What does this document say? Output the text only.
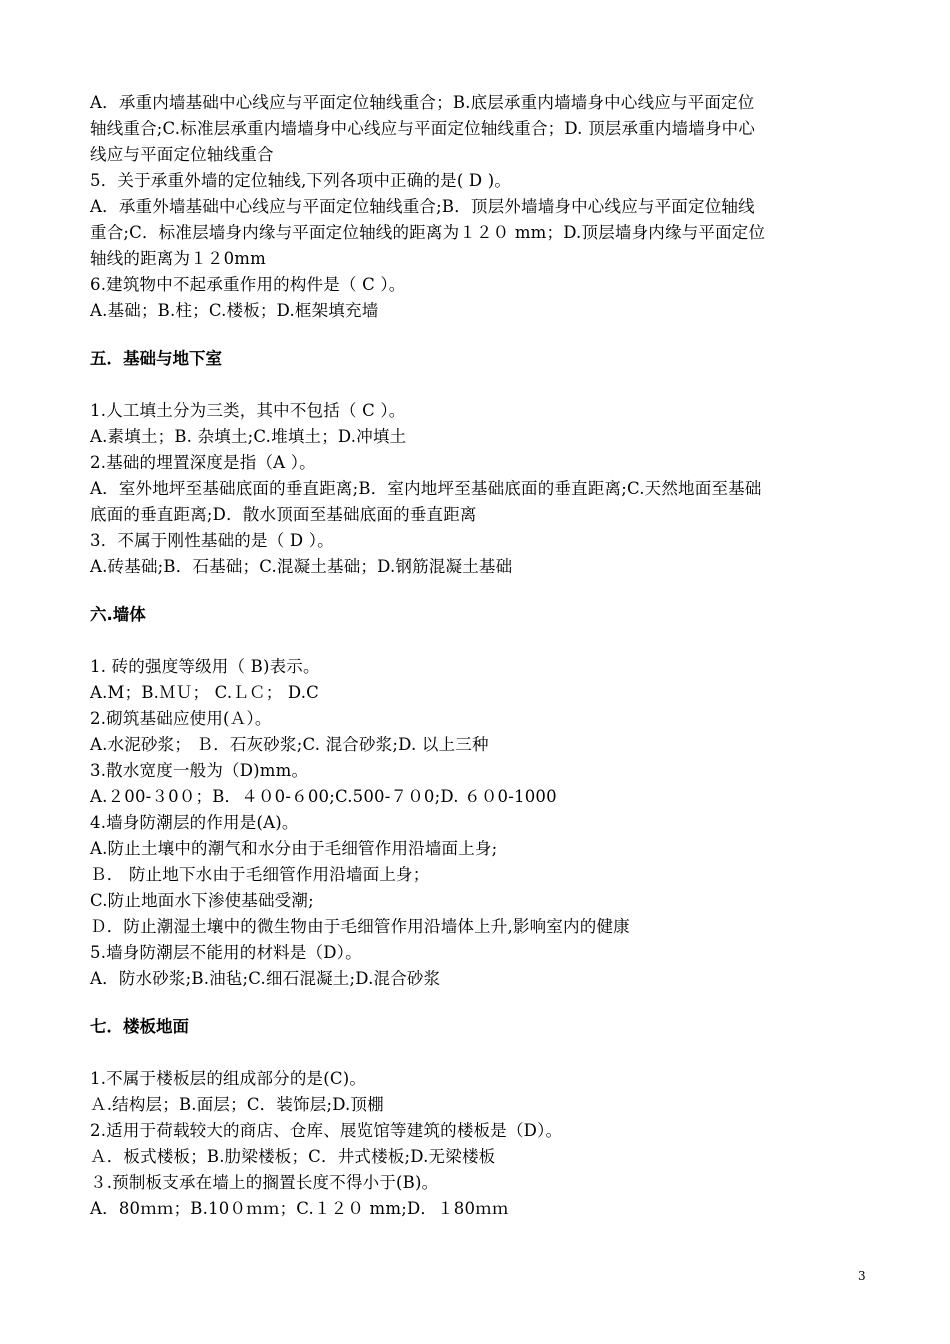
A．承重内墙基础中心线应与平面定位轴线重合；B.底层承重内墙墙身中心线应与平面定位
轴线重合;C.标准层承重内墙墙身中心线应与平面定位轴线重合；D. 顶层承重内墙墙身中心
线应与平面定位轴线重合
5．关于承重外墙的定位轴线,下列各项中正确的是( D )。
A．承重外墙基础中心线应与平面定位轴线重合;B．顶层外墙墙身中心线应与平面定位轴线
重合;C．标准层墙身内缘与平面定位轴线的距离为１２０ mm；D.顶层墙身内缘与平面定位
轴线的距离为１２0mm
6.建筑物中不起承重作用的构件是（ C ）。
A.基础；B.柱；C.楼板；D.框架填充墙
五．基础与地下室
1.人工填土分为三类，其中不包括（ C ）。
A.素填土；B. 杂填土;C.堆填土；D.冲填土
2.基础的埋置深度是指（A ）。
A．室外地坪至基础底面的垂直距离;B．室内地坪至基础底面的垂直距离;C.天然地面至基础
底面的垂直距离;D．散水顶面至基础底面的垂直距离
3．不属于刚性基础的是（ D ）。
A.砖基础;B．石基础；C.混凝土基础；D.钢筋混凝土基础
六.墙体
1. 砖的强度等级用（ B)表示。
A.M；B.ＭＵ； C.ＬＣ； D.C
2.砌筑基础应使用(Ａ）。
A.水泥砂浆； Ｂ．石灰砂浆;C. 混合砂浆;D. 以上三种
3.散水宽度一般为（D)mm。
A.２00-３0０；B．４０0-６00;C.500-７０0;D. ６０0-1000
4.墙身防潮层的作用是(A)。
A.防止土壤中的潮气和水分由于毛细管作用沿墙面上身;
Ｂ． 防止地下水由于毛细管作用沿墙面上身；
C.防止地面水下渗使基础受潮;
Ｄ．防止潮湿土壤中的微生物由于毛细管作用沿墙体上升,影响室内的健康
5.墙身防潮层不能用的材料是（D）。
A．防水砂浆;B.油毡;C.细石混凝土;D.混合砂浆
七．楼板地面
1.不属于楼板层的组成部分的是(C)。
Ａ.结构层；B.面层；C．装饰层;D.顶棚
2.适用于荷载较大的商店、仓库、展览馆等建筑的楼板是（D）。
Ａ．板式楼板；B.肋梁楼板；C．井式楼板;D.无梁楼板
３.预制板支承在墙上的搁置长度不得小于(B)。
A．80ｍｍ；B.10０ｍｍ；C.１２０ mm;D．１80ｍｍ
3
